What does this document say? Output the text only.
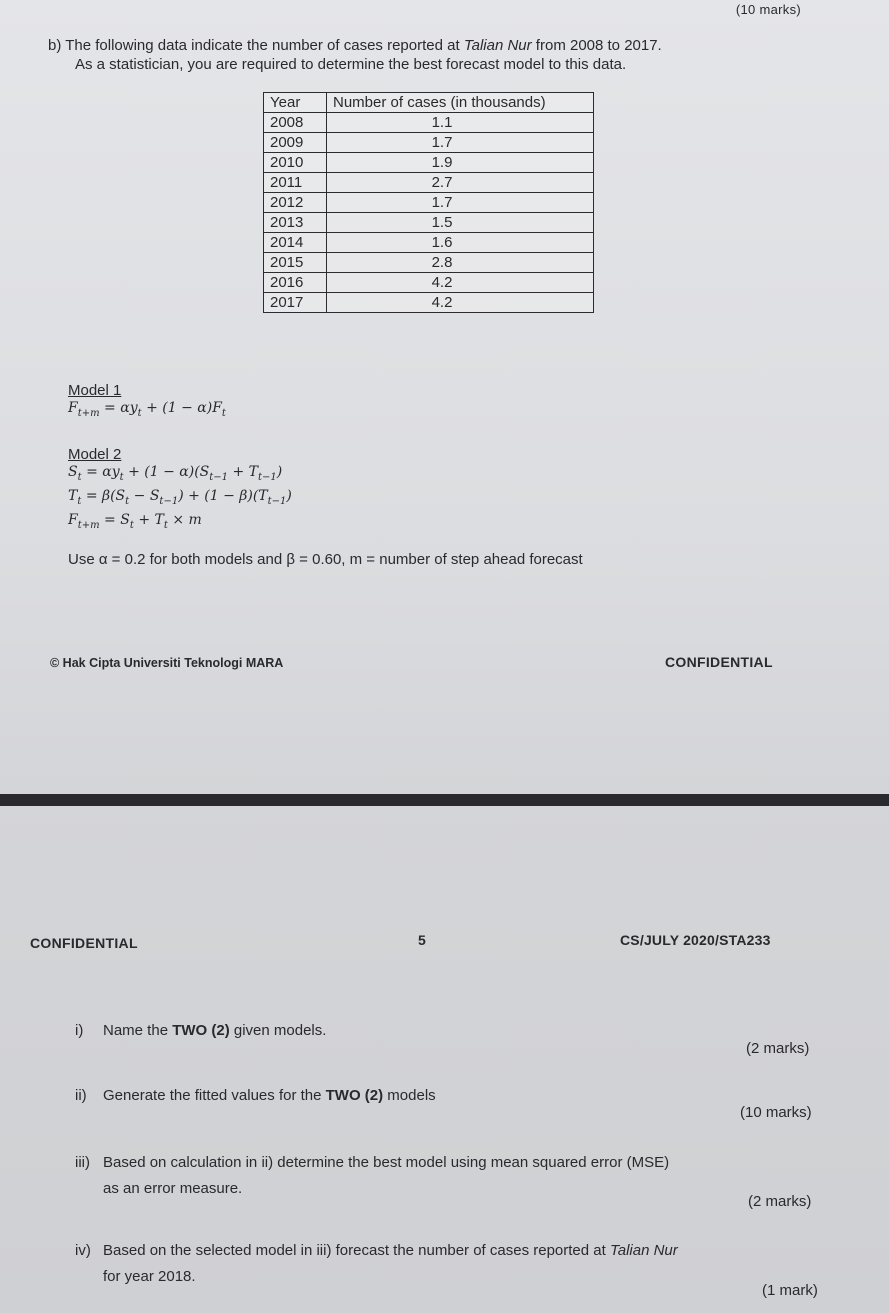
(10 marks)
b) The following data indicate the number of cases reported at Talian Nur from 2008 to 2017.
As a statistician, you are required to determine the best forecast model to this data.
Year	Number of cases (in thousands)
2008	1.1
2009	1.7
2010	1.9
2011	2.7
2012	1.7
2013	1.5
2014	1.6
2015	2.8
2016	4.2
2017	4.2
Model 1
$F_{t+m} = \alpha y_t + (1 - \alpha)F_t$
Model 2
$S_t = \alpha y_t + (1 - \alpha)(S_{t-1} + T_{t-1})$
$T_t = \beta(S_t - S_{t-1}) + (1 - \beta)(T_{t-1})$
$F_{t+m} = S_t + T_t \times m$
Use α = 0.2 for both models and β = 0.60, m = number of step ahead forecast
© Hak Cipta Universiti Teknologi MARA	CONFIDENTIAL
CONFIDENTIAL	5	CS/JULY 2020/STA233
i) Name the TWO (2) given models.
(2 marks)
ii) Generate the fitted values for the TWO (2) models
(10 marks)
iii) Based on calculation in ii) determine the best model using mean squared error (MSE)
as an error measure.
(2 marks)
iv) Based on the selected model in iii) forecast the number of cases reported at Talian Nur
for year 2018.
(1 mark)
